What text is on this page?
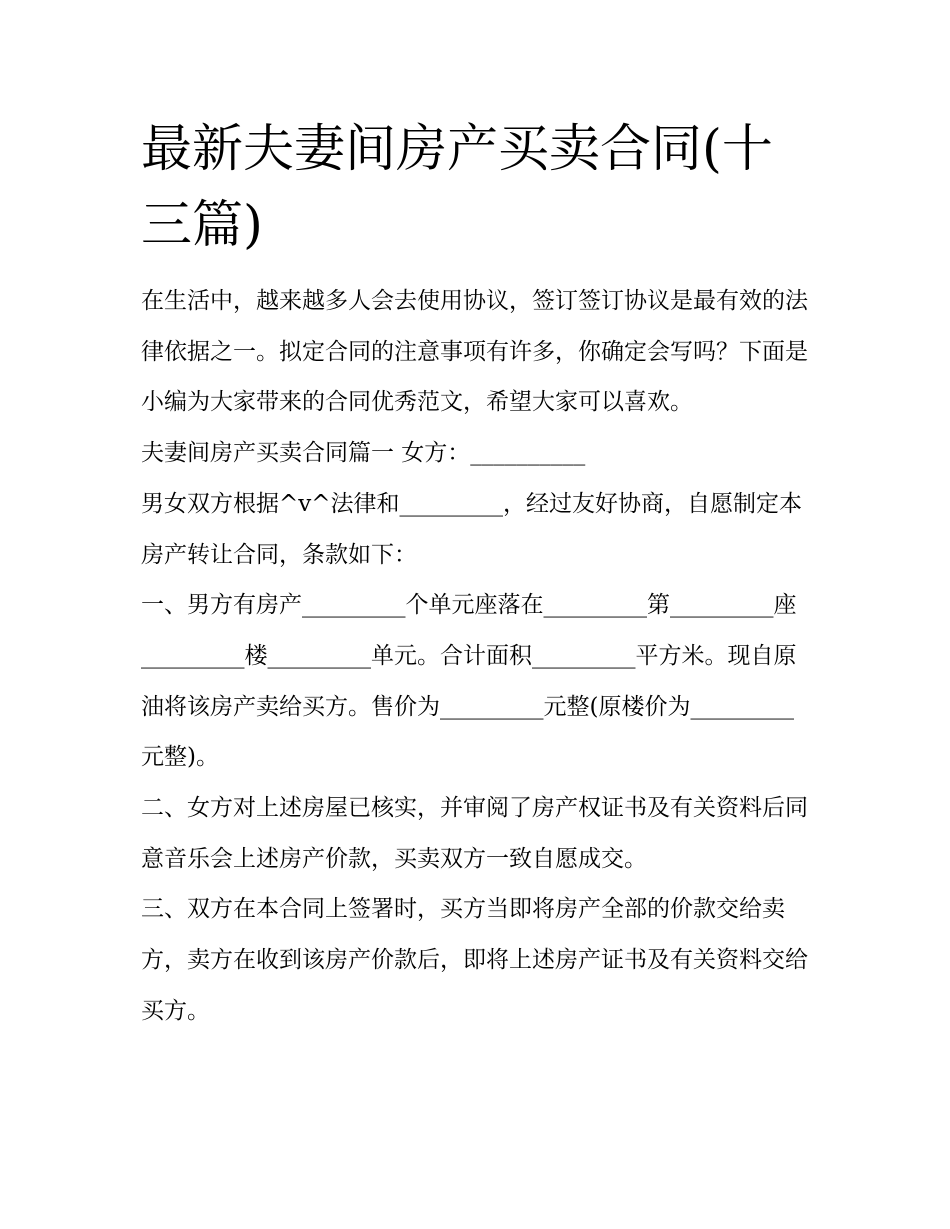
最新夫妻间房产买卖合同(十三篇)

在生活中，越来越多人会去使用协议，签订签订协议是最有效的法律依据之一。拟定合同的注意事项有许多，你确定会写吗？下面是小编为大家带来的合同优秀范文，希望大家可以喜欢。

夫妻间房产买卖合同篇一 女方：__________

男女双方根据^v^法律和_________，经过友好协商，自愿制定本房产转让合同，条款如下：

一、男方有房产_________个单元座落在_________第_________座_________楼_________单元。合计面积_________平方米。现自原油将该房产卖给买方。售价为_________元整(原楼价为_________元整)。

二、女方对上述房屋已核实，并审阅了房产权证书及有关资料后同意音乐会上述房产价款，买卖双方一致自愿成交。

三、双方在本合同上签署时，买方当即将房产全部的价款交给卖方，卖方在收到该房产价款后，即将上述房产证书及有关资料交给买方。
